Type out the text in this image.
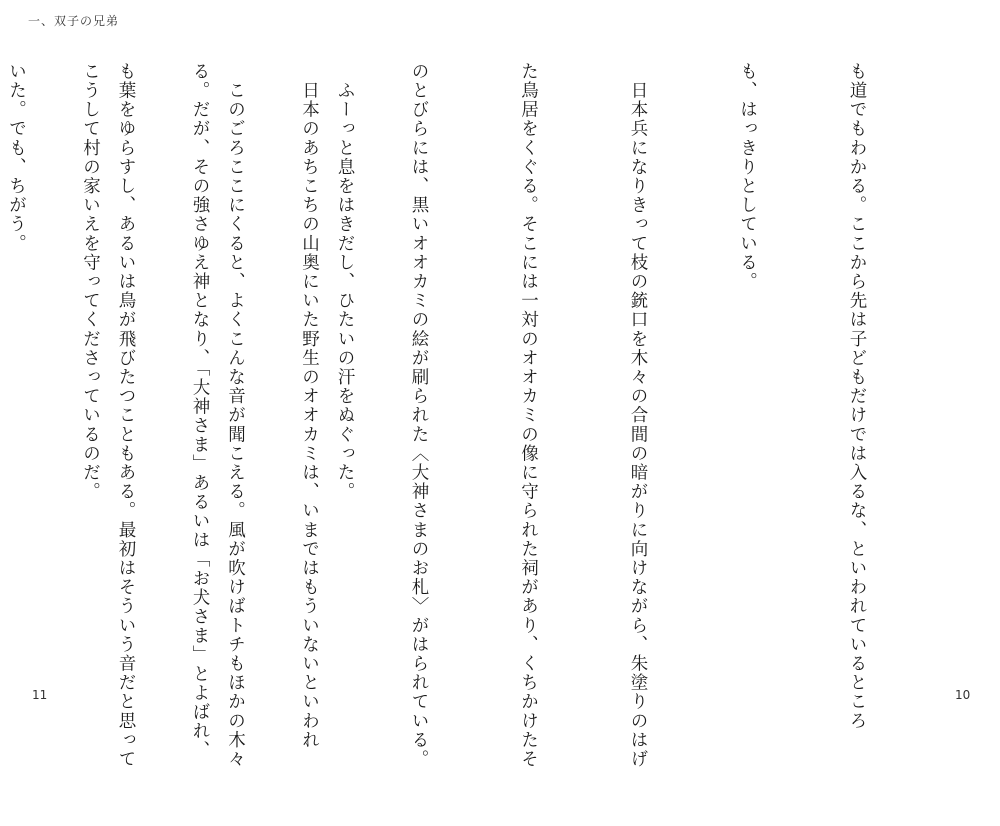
一、双子の兄弟

　ふーっと息をはきだし、ひたいの汗をぬぐった。

　このごろここにくると、よくこんな音が聞こえる。風が吹けばトチもほかの木々

も葉をゆらすし、あるいは鳥が飛びたつこともある。最初はそういう音だと思って

いた。でも、ちがう。

11

	も道でもわかる。ここから先は子どもだけでは入るな、といわれているところ

も、はっきりとしている。

　日本兵になりきって枝の銃口を木々の合間の暗がりに向けながら、朱塗りのはげ

た鳥居をくぐる。そこには一対のオオカミの像に守られた祠があり、くちかけたそ

のとびらには、黒いオオカミの絵が刷られた〈大神さまのお札〉がはられている。

　日本のあちこちの山奥にいた野生のオオカミは、いまではもういないといわれ

る。だが、その強さゆえ神となり、「大神さま」あるいは「お犬さま」とよばれ、

こうして村の家いえを守ってくださっているのだ。

10
